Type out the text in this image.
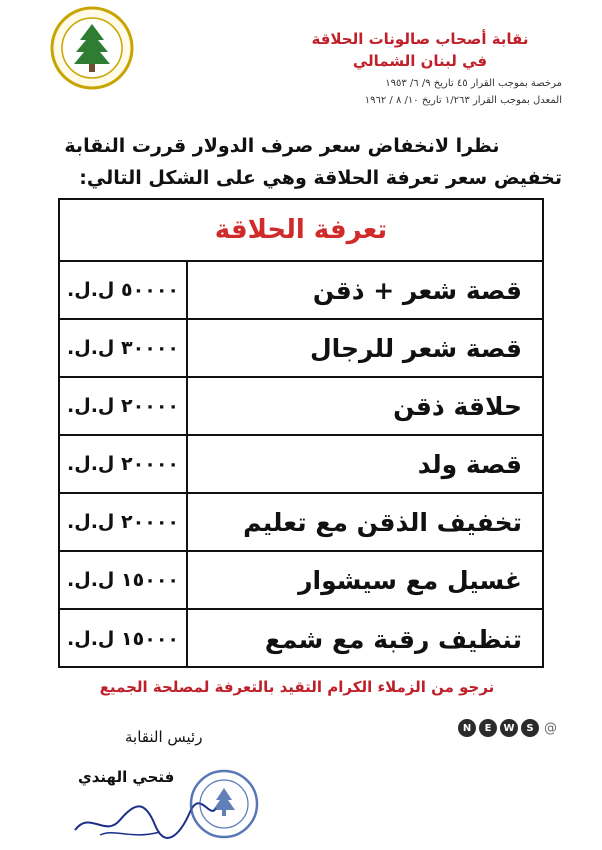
نقابة أصحاب صالونات الحلاقة
في لبنان الشمالي
مرخصة بموجب القرار ٤٥ تاريخ ٩/ ٦/ ١٩٥٣
المعدل بموجب القرار ١/٢٦٣ تاريخ ١٠/ ٨ / ١٩٦٢
نظرا لانخفاض سعر صرف الدولار قررت النقابة
تخفيض سعر تعرفة الحلاقة وهي على الشكل التالي:
تعرفة الحلاقة
٥٠٠٠٠ ل.ل.	قصة شعر + ذقن
٣٠٠٠٠ ل.ل.	قصة شعر للرجال
٢٠٠٠٠ ل.ل.	حلاقة ذقن
٢٠٠٠٠ ل.ل.	قصة ولد
٢٠٠٠٠ ل.ل.	تخفيف الذقن مع تعليم
١٥٠٠٠ ل.ل.	غسيل مع سيشوار
١٥٠٠٠ ل.ل.	تنظيف رقبة مع شمع
نرجو من الزملاء الكرام التقيد بالتعرفة لمصلحة الجميع
N	E	W	S @
رئيس النقابة
فتحي الهندي
